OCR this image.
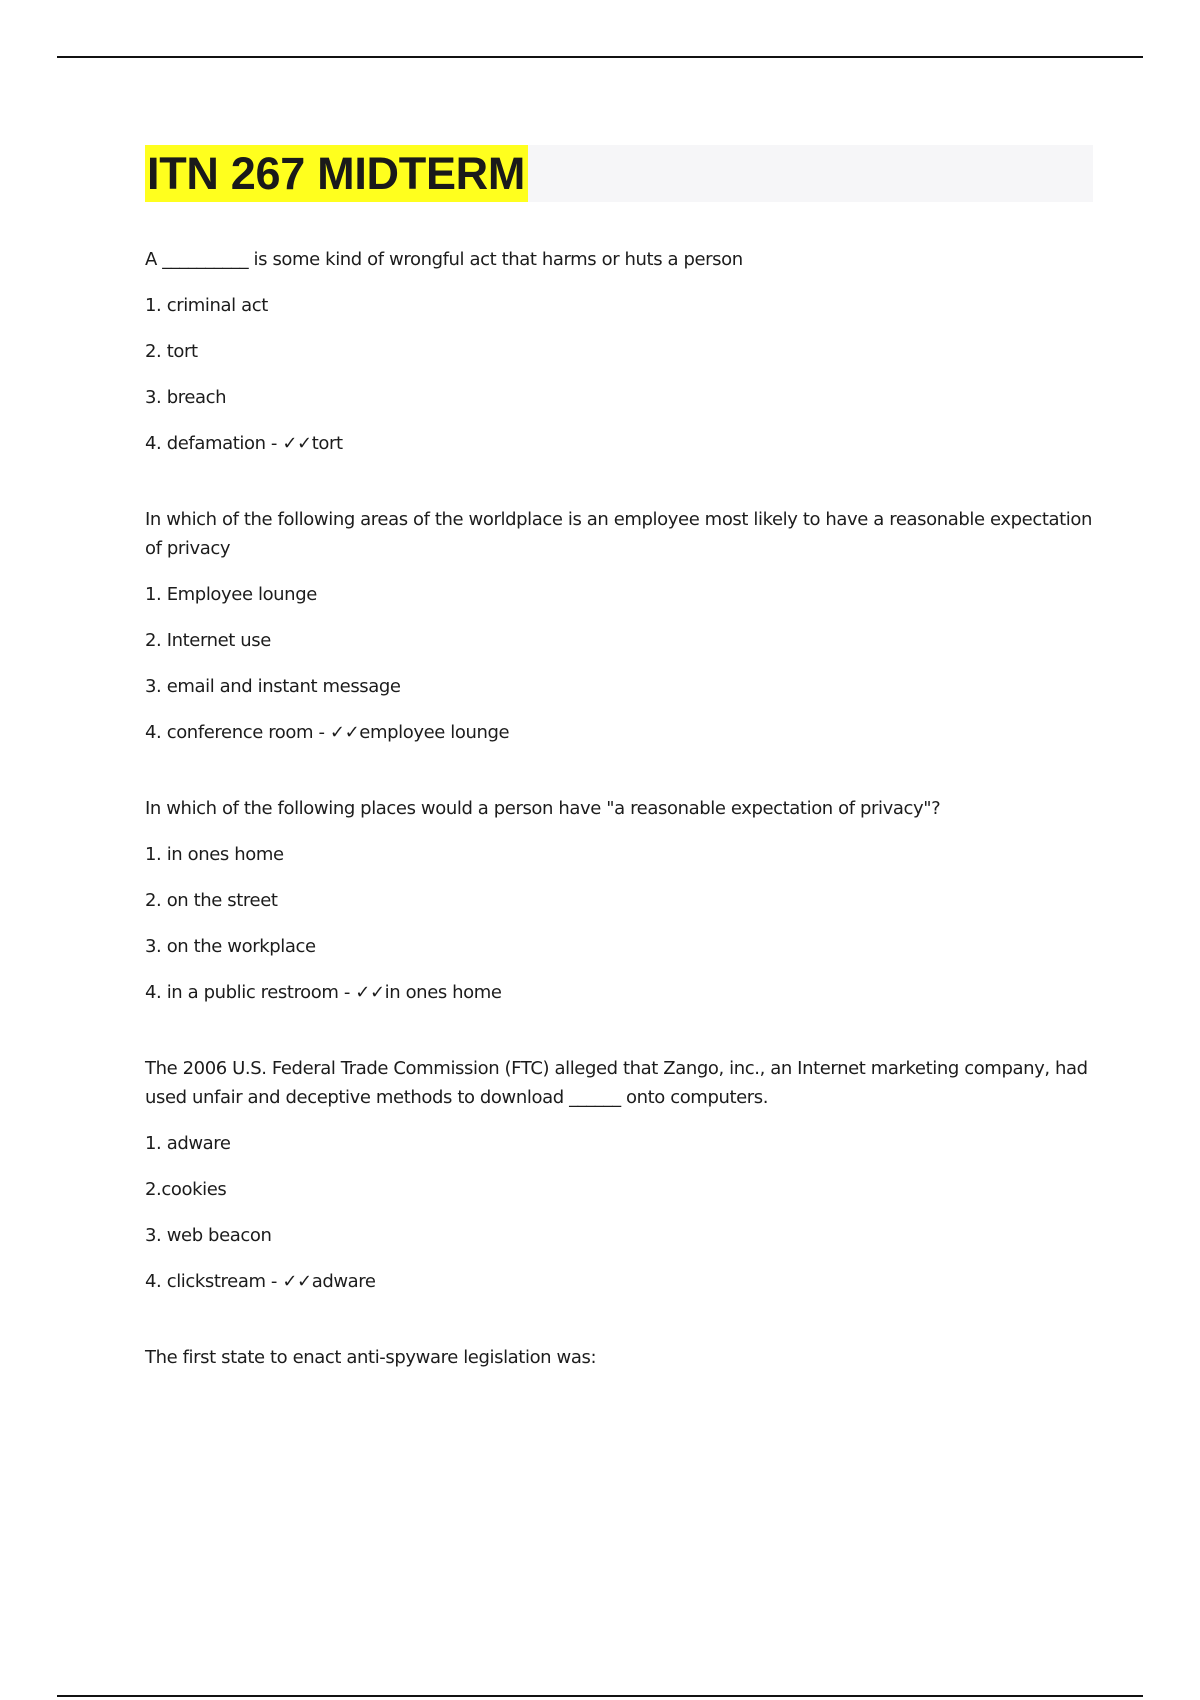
ITN 267 MIDTERM

A __________ is some kind of wrongful act that harms or huts a person

1. criminal act

2. tort

3. breach

4. defamation - ✓✓tort

In which of the following areas of the worldplace is an employee most likely to have a reasonable expectation of privacy

1. Employee lounge

2. Internet use

3. email and instant message

4. conference room - ✓✓employee lounge

In which of the following places would a person have "a reasonable expectation of privacy"?

1. in ones home

2. on the street

3. on the workplace

4. in a public restroom - ✓✓in ones home

The 2006 U.S. Federal Trade Commission (FTC) alleged that Zango, inc., an Internet marketing company, had used unfair and deceptive methods to download ______ onto computers.

1. adware

2.cookies

3. web beacon

4. clickstream - ✓✓adware

The first state to enact anti-spyware legislation was:
